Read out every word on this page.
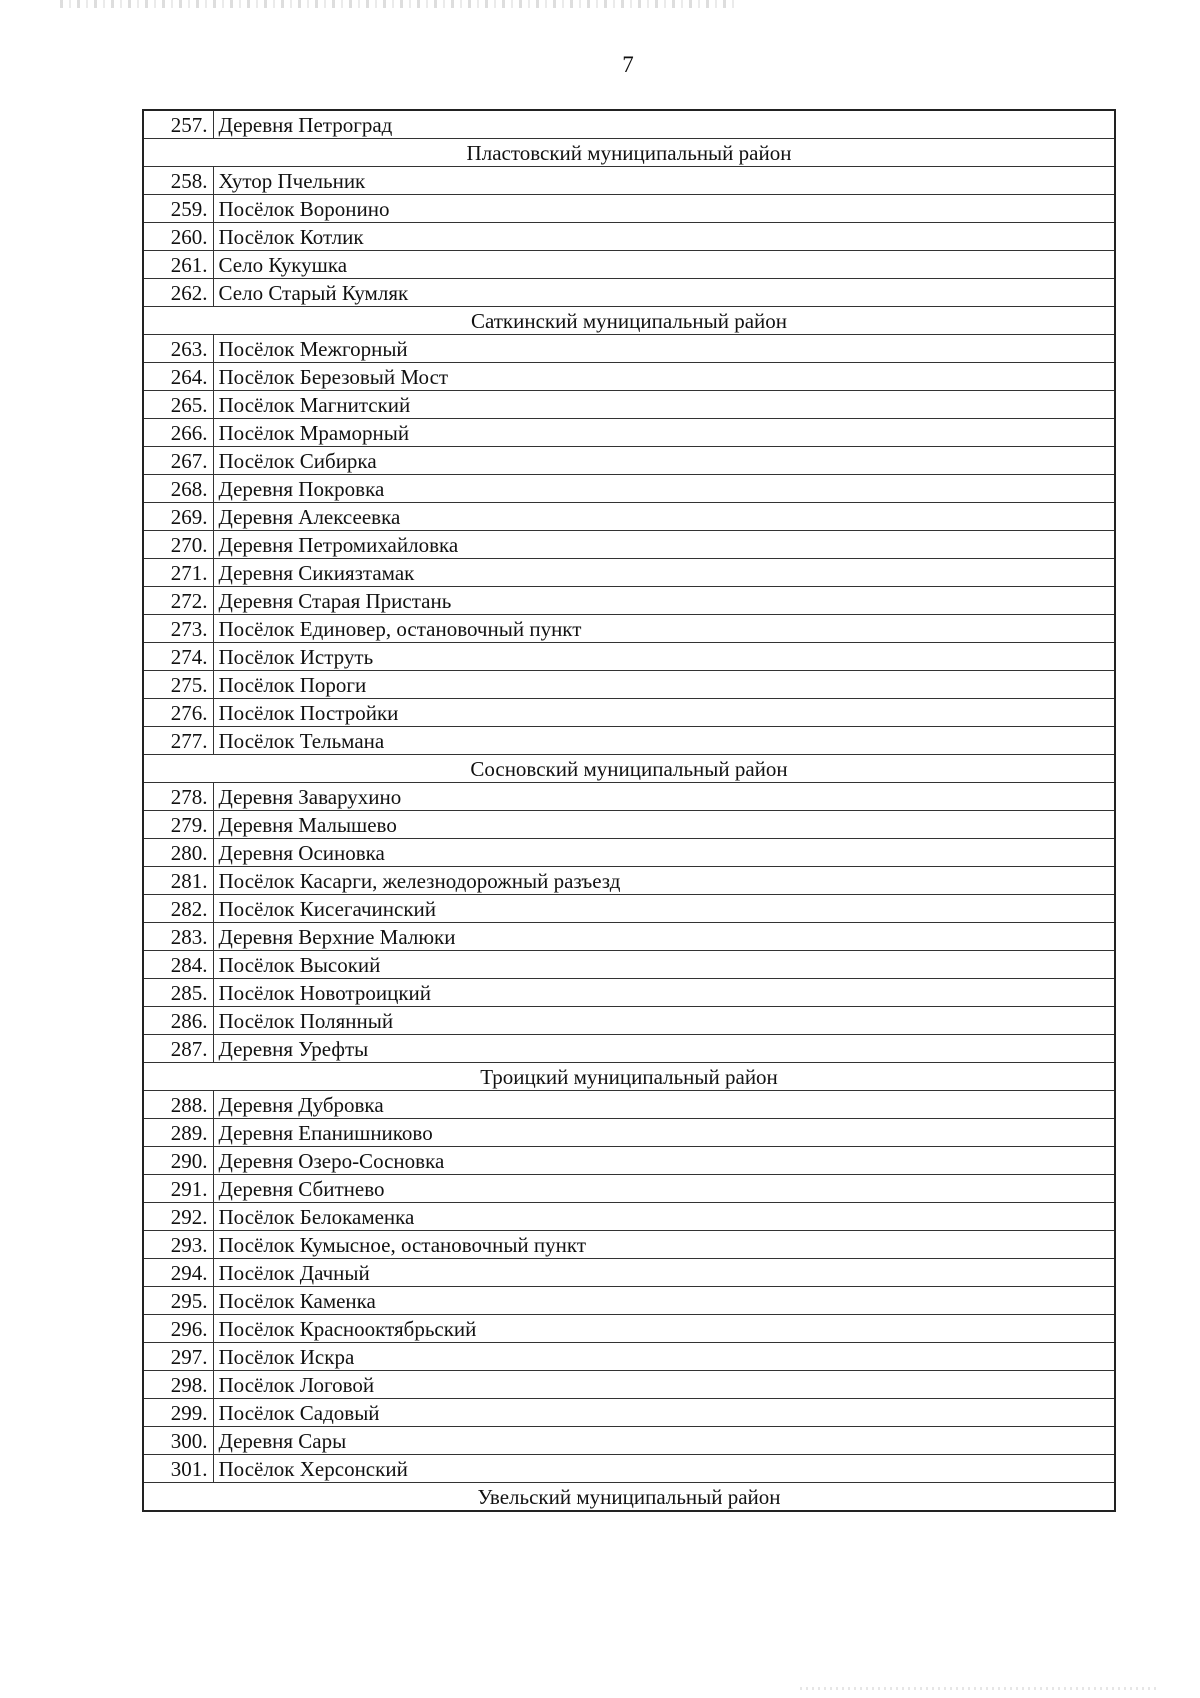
7
257.	Деревня Петроград
Пластовский муниципальный район	
258.	Хутор Пчельник
259.	Посёлок Воронино
260.	Посёлок Котлик
261.	Село Кукушка
262.	Село Старый Кумляк
Саткинский муниципальный район	
263.	Посёлок Межгорный
264.	Посёлок Березовый Мост
265.	Посёлок Магнитский
266.	Посёлок Мраморный
267.	Посёлок Сибирка
268.	Деревня Покровка
269.	Деревня Алексеевка
270.	Деревня Петромихайловка
271.	Деревня Сикиязтамак
272.	Деревня Старая Пристань
273.	Посёлок Единовер, остановочный пункт
274.	Посёлок Иструть
275.	Посёлок Пороги
276.	Посёлок Постройки
277.	Посёлок Тельмана
Сосновский муниципальный район	
278.	Деревня Заварухино
279.	Деревня Малышево
280.	Деревня Осиновка
281.	Посёлок Касарги, железнодорожный разъезд
282.	Посёлок Кисегачинский
283.	Деревня Верхние Малюки
284.	Посёлок Высокий
285.	Посёлок Новотроицкий
286.	Посёлок Полянный
287.	Деревня Урефты
Троицкий муниципальный район	
288.	Деревня Дубровка
289.	Деревня Епанишниково
290.	Деревня Озеро-Сосновка
291.	Деревня Сбитнево
292.	Посёлок Белокаменка
293.	Посёлок Кумысное, остановочный пункт
294.	Посёлок Дачный
295.	Посёлок Каменка
296.	Посёлок Краснооктябрьский
297.	Посёлок Искра
298.	Посёлок Логовой
299.	Посёлок Садовый
300.	Деревня Сары
301.	Посёлок Херсонский
Увельский муниципальный район	
